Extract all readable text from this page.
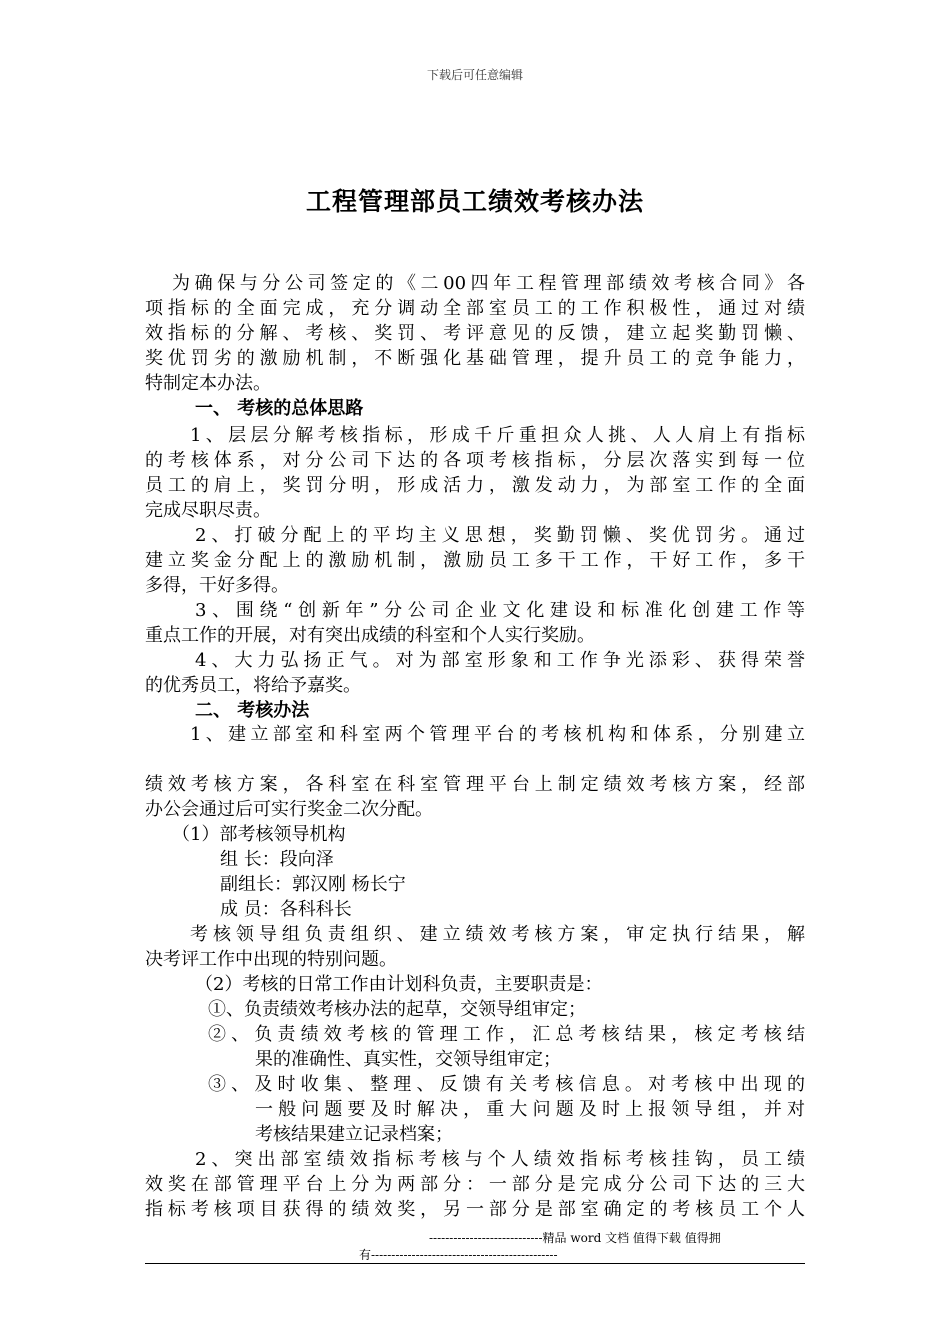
下载后可任意编辑
工程管理部员工绩效考核办法
为确保与分公司签定的《二00四年工程管理部绩效考核合同》各
项指标的全面完成，充分调动全部室员工的工作积极性，通过对绩
效指标的分解、考核、奖罚、考评意见的反馈，建立起奖勤罚懒、
奖优罚劣的激励机制，不断强化基础管理，提升员工的竞争能力，
特制定本办法。
一、 考核的总体思路
1、层层分解考核指标，形成千斤重担众人挑、人人肩上有指标
的考核体系，对分公司下达的各项考核指标，分层次落实到每一位
员工的肩上，奖罚分明，形成活力，激发动力，为部室工作的全面
完成尽职尽责。
2、打破分配上的平均主义思想，奖勤罚懒、奖优罚劣。通过
建立奖金分配上的激励机制，激励员工多干工作，干好工作，多干
多得，干好多得。
3、围绕“创新年”分公司企业文化建设和标准化创建工作等
重点工作的开展，对有突出成绩的科室和个人实行奖励。
4、大力弘扬正气。对为部室形象和工作争光添彩、获得荣誉
的优秀员工，将给予嘉奖。
二、 考核办法
1、建立部室和科室两个管理平台的考核机构和体系，分别建立
绩效考核方案，各科室在科室管理平台上制定绩效考核方案，经部
办公会通过后可实行奖金二次分配。
（1）部考核领导机构
组 长：段向泽
副组长：郭汉刚 杨长宁
成 员：各科科长
考核领导组负责组织、建立绩效考核方案，审定执行结果，解
决考评工作中出现的特别问题。
（2）考核的日常工作由计划科负责，主要职责是：
①、负责绩效考核办法的起草，交领导组审定；
②、负责绩效考核的管理工作，汇总考核结果，核定考核结
果的准确性、真实性，交领导组审定；
③、及时收集、整理、反馈有关考核信息。对考核中出现的
一般问题要及时解决，重大问题及时上报领导组，并对
考核结果建立记录档案；
2、突出部室绩效指标考核与个人绩效指标考核挂钩，员工绩
效奖在部管理平台上分为两部分：一部分是完成分公司下达的三大
指标考核项目获得的绩效奖，另一部分是部室确定的考核员工个人
----------------------------精品 word 文档 值得下载 值得拥
有----------------------------------------------
